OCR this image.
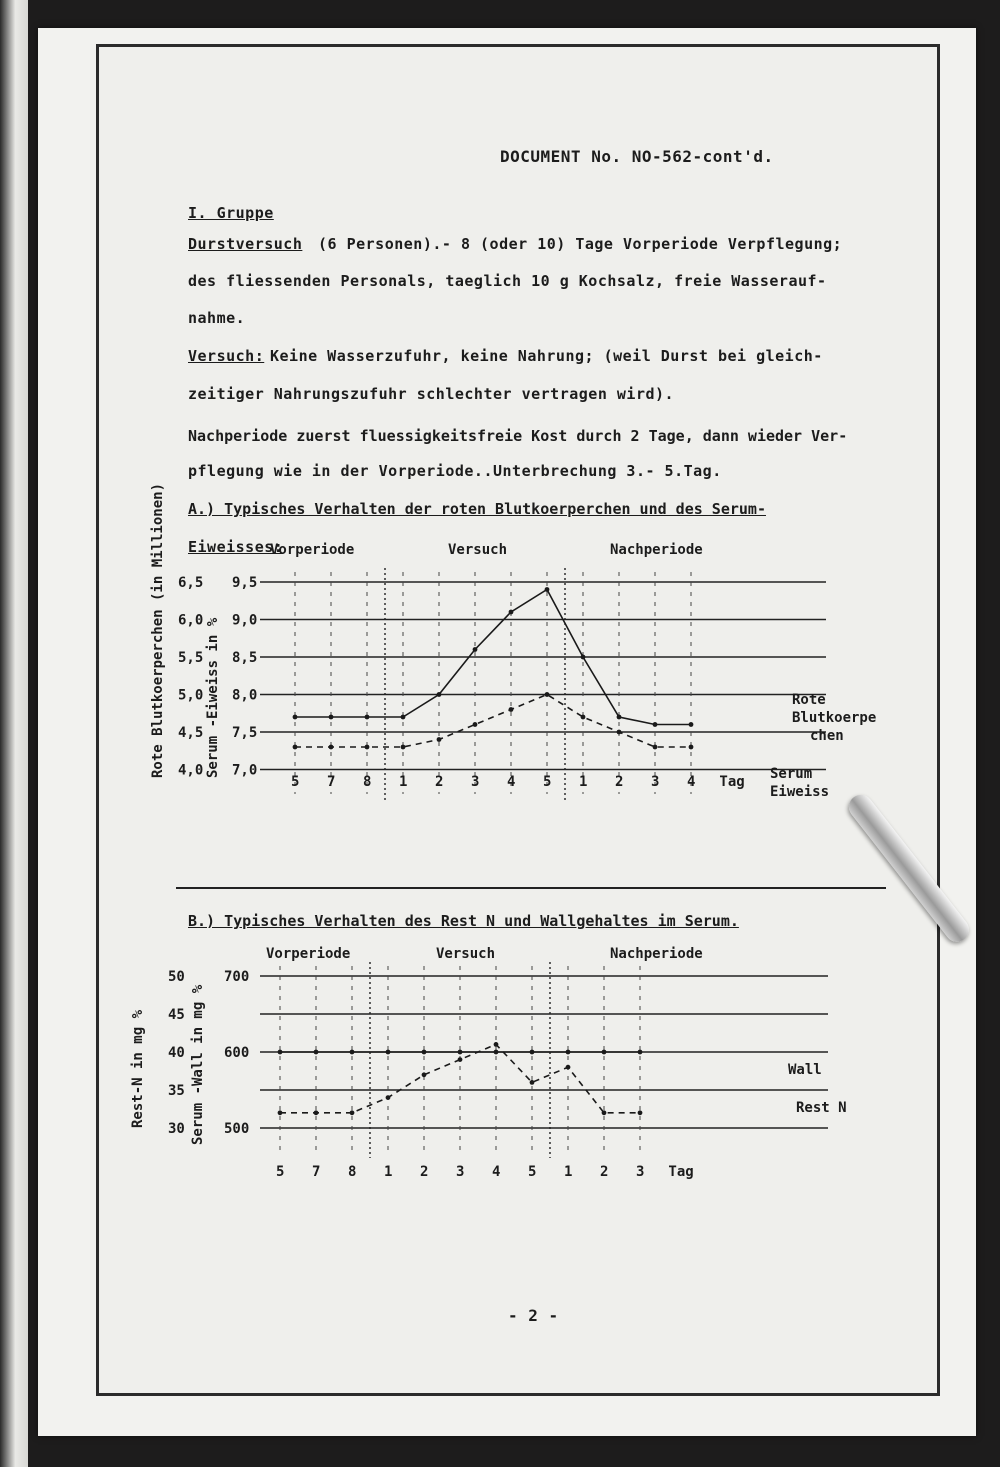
DOCUMENT No. NO-562-cont'd.
I. Gruppe
Durstversuch (6 Personen).- 8 (oder 10) Tage Vorperiode Verpflegung;
des fliessenden Personals, taeglich 10 g Kochsalz, freie Wasserauf-
nahme.
Versuch: Keine Wasserzufuhr, keine Nahrung; (weil Durst bei gleich-
zeitiger Nahrungszufuhr schlechter vertragen wird).
Nachperiode zuerst fluessigkeitsfreie Kost durch 2 Tage, dann wieder Ver-
pflegung wie in der Vorperiode..Unterbrechung 3.- 5.Tag.
A.) Typisches Verhalten der roten Blutkoerperchen und des Serum-
Eiweisses:
Rote Blutkoerperchen (in Millionen)	Serum -Eiweiss in %
Rest-N in mg %	Serum -Wall in mg %
6,5
6,0
5,5
5,0
4,5
4,0
9,5
9,0
8,5
8,0
7,5
7,0
Vorperiode	Versuch	Nachperiode
5 7 8 1 2 3 4 5 1 2 3 4 Tag
Rote
Blutkoerpe
chen
Serum
Eiweiss
B.) Typisches Verhalten des Rest N und Wallgehaltes im Serum.
50
45
40
35
30
700
600
500
Vorperiode	Versuch	Nachperiode
5 7 8 1 2 3 4 5 1 2 3 Tag
Wall
Rest N
- 2 -
